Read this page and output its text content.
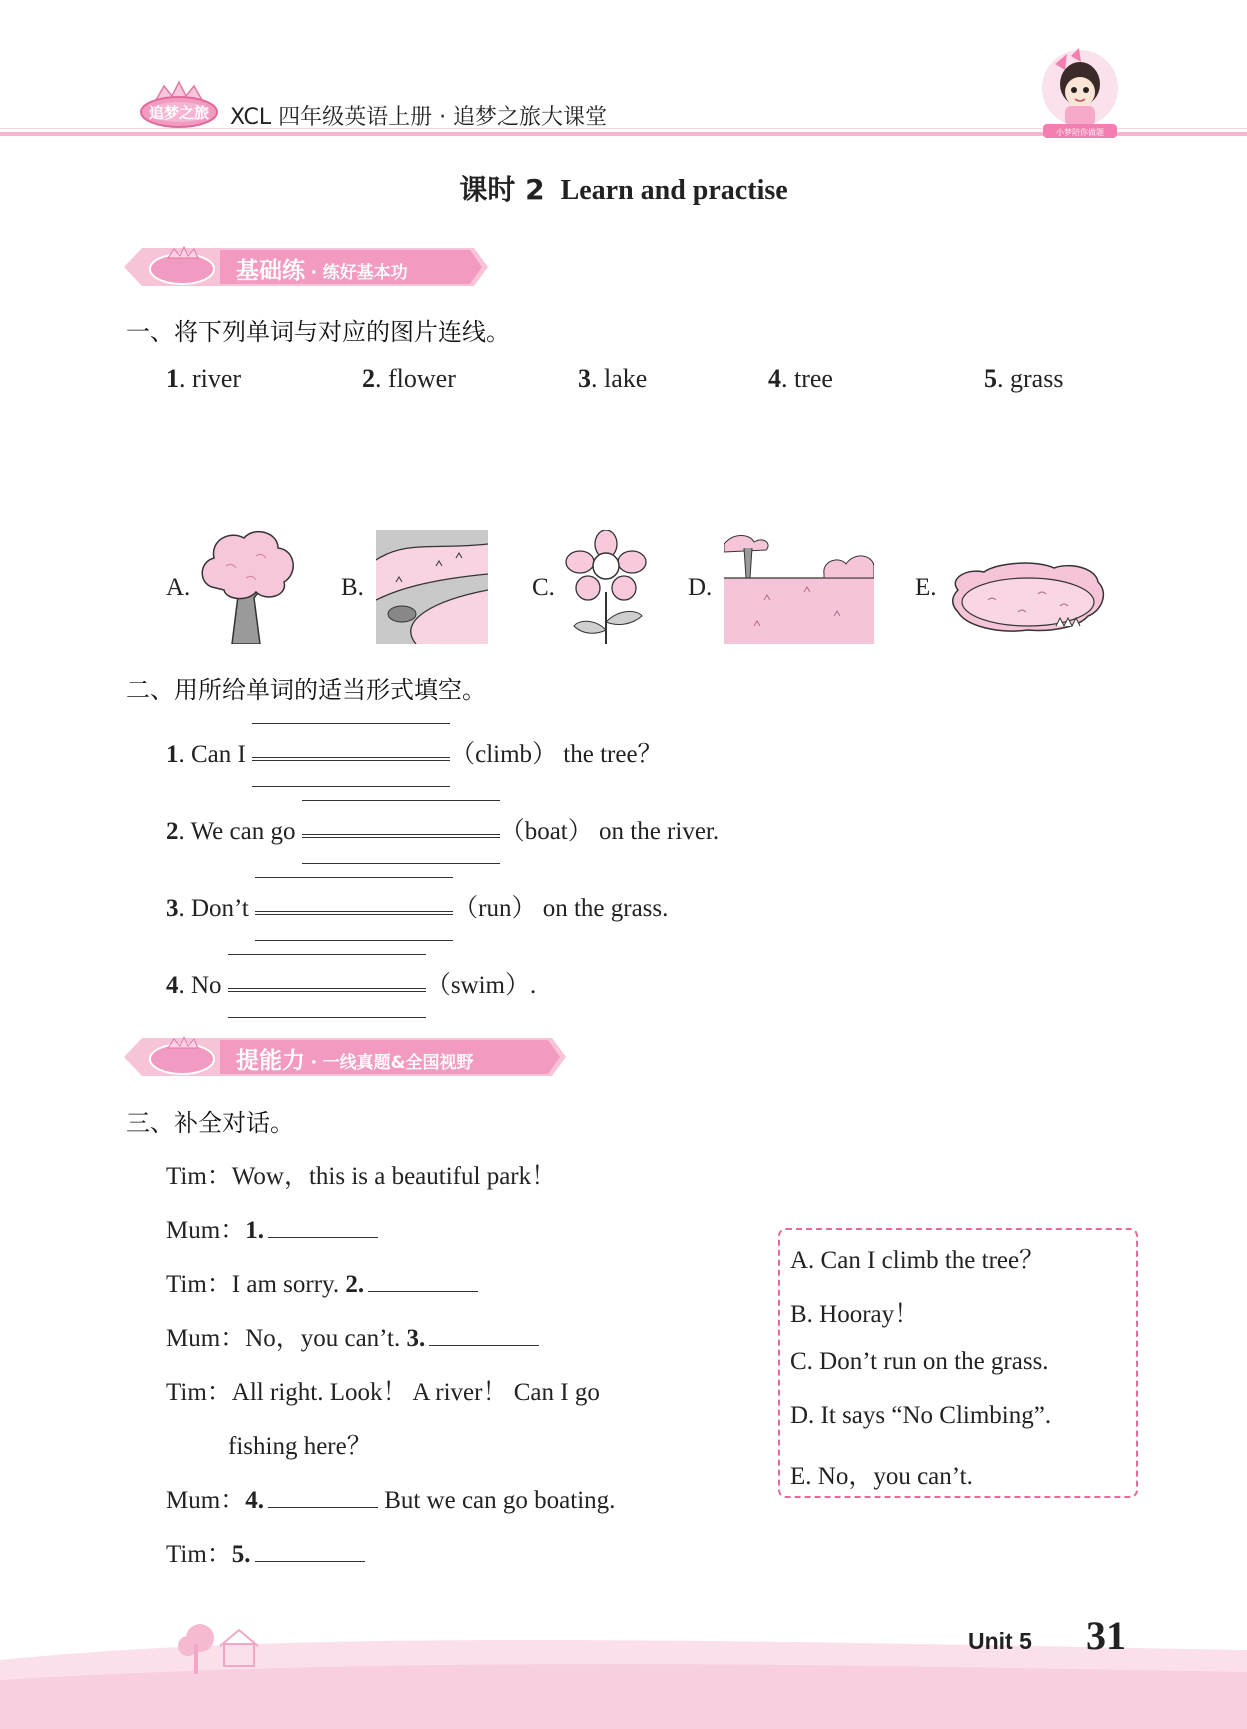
追梦之旅 XCL 四年级英语上册 · 追梦之旅大课堂
小梦陪你做题
课时 2 Learn and practise
基础练 · 练好基本功
一、将下列单词与对应的图片连线。
1. river	2. flower	3. lake	4. tree	5. grass
A.	B.	C.	D.	E.
二、用所给单词的适当形式填空。
1. Can I	（climb） the tree？
2. We can go	（boat） on the river.
3. Don’t	（run） on the grass.
4. No	（swim）.
提能力 · 一线真题&全国视野
三、补全对话。
Tim：Wow，this is a beautiful park！
Mum：1.
Tim：I am sorry. 2.
Mum：No，you can’t. 3.
Tim：All right. Look！ A river！ Can I go
fishing here？
Mum：4.	But we can go boating.
Tim：5.
A. Can I climb the tree？
B. Hooray！
C. Don’t run on the grass.
D. It says “No Climbing”.
E. No，you can’t.
Unit 5 31
